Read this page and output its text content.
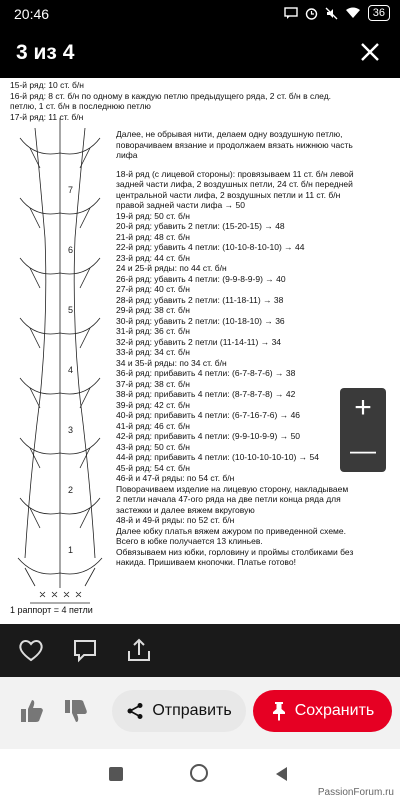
20:46	36
3 из 4
15-й ряд: 10 ст. б/н
16-й ряд: 8 ст. б/н по одному в каждую петлю предыдущего ряда, 2 ст. б/н в след.
петлю, 1 ст. б/н в последнюю петлю
17-й ряд: 11 ст. б/н
7
6
5
4
3
2
1
1 раппорт = 4 петли
Далее, не обрывая нити, делаем одну воздушную петлю,
поворачиваем вязание и продолжаем вязать нижнюю часть
лифа
18-й ряд (с лицевой стороны): провязываем 11 ст. б/н левой
задней части лифа, 2 воздушных петли, 24 ст. б/н передней
центральной части лифа, 2 воздушных петли и 11 ст. б/н
правой задней части лифа → 50
19-й ряд: 50 ст. б/н
20-й ряд: убавить 2 петли: (15-20-15) → 48
21-й ряд: 48 ст. б/н
22-й ряд: убавить 4 петли: (10-10-8-10-10) → 44
23-й ряд: 44 ст. б/н
24 и 25-й ряды: по 44 ст. б/н
26-й ряд: убавить 4 петли: (9-9-8-9-9) → 40
27-й ряд: 40 ст. б/н
28-й ряд: убавить 2 петли: (11-18-11) → 38
29-й ряд: 38 ст. б/н
30-й ряд: убавить 2 петли: (10-18-10) → 36
31-й ряд: 36 ст. б/н
32-й ряд: убавить 2 петли (11-14-11) → 34
33-й ряд: 34 ст. б/н
34 и 35-й ряды: по 34 ст. б/н
36-й ряд: прибавить 4 петли: (6-7-8-7-6) → 38
37-й ряд: 38 ст. б/н
38-й ряд: прибавить 4 петли: (8-7-8-7-8) → 42
39-й ряд: 42 ст. б/н
40-й ряд: прибавить 4 петли: (6-7-16-7-6) → 46
41-й ряд: 46 ст. б/н
42-й ряд: прибавить 4 петли: (9-9-10-9-9) → 50
43-й ряд: 50 ст. б/н
44-й ряд: прибавить 4 петли: (10-10-10-10-10) → 54
45-й ряд: 54 ст. б/н
46-й и 47-й ряды: по 54 ст. б/н
Поворачиваем изделие на лицевую сторону, накладываем
2 петли начала 47-ого ряда на две петли конца ряда для
застежки и далее вяжем вкруговую
48-й и 49-й ряды: по 52 ст. б/н
Далее юбку платья вяжем ажуром по приведенной схеме.
Всего в юбке получается 13 клиньев.
Обвязываем низ юбки, горловину и проймы столбиками без
накида. Пришиваем кнопочки. Платье готово!
+
—
Отправить	Сохранить
PassionForum.ru
